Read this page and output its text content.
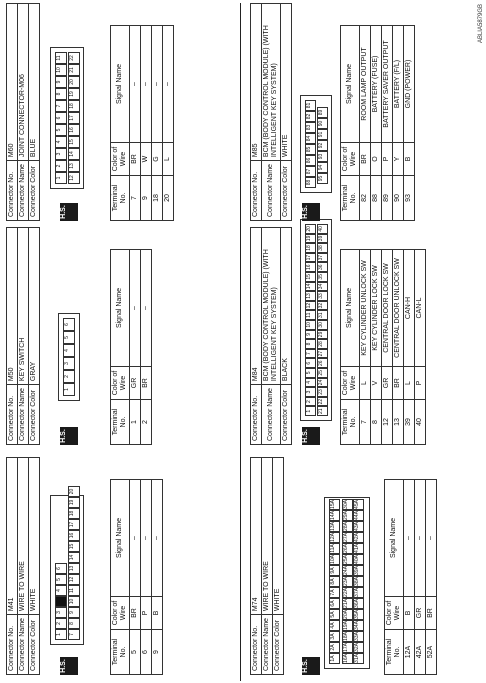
Connector No.	M41
Connector Name	WIRE TO WIRE
Connector Color	WHITE
H.S.
1
2
3
4
5
6
7
8
9
10
11
12
13
14
15
16
17
18
19
20
Terminal No.	Color of Wire	Signal Name
5	BR	–
6	P	–
9	B	–
Connector No.	M50
Connector Name	KEY SWITCH
Connector Color	GRAY
H.S.
1
2
3
4
5
6
Terminal No.	Color of Wire	Signal Name
1	GR	–
2	BR	–
Connector No.	M60
Connector Name	JOINT CONNECTOR-M06
Connector Color	BLUE
H.S.
1
2
3
4
5
6
7
8
9
10
11
12
13
14
15
16
17
18
19
20
21
22
Terminal No.	Color of Wire	Signal Name
7	BR	–
9	W	–
18	G	–
20	L	–
Connector No.	M74
Connector Name	WIRE TO WIRE
Connector Color	WHITE
H.S.
1A
2A
3A
4A
5A
6A
7A
8A
9A
10A
11A
12A
13A
14A
15A
16A
17A
18A
19A
20A
21A
22A
23A
24A
25A
26A
27A
28A
29A
30A
31A
32A
33A
34A
35A
36A
37A
38A
39A
40A
41A
42A
43A
44A
45A
Terminal No.	Color of Wire	Signal Name
12A	B	–
42A	GR	–
52A	BR	–
Connector No.	M84
Connector Name	BCM (BODY CONTROL MODULE) (WITH INTELLIGENT KEY SYSTEM)
Connector Color	BLACK
H.S.
1
2
3
4
5
6
7
8
9
10
11
12
13
14
15
16
17
18
19
20
21
22
23
24
25
26
27
28
29
30
31
32
33
34
35
36
37
38
39
40
Terminal No.	Color of Wire	Signal Name
7	L	KEY CYLINDER UNLOCK SW
8	V	KEY CYLINDER LOCK SW
12	GR	CENTRAL DOOR LOCK SW
13	BR	CENTRAL DOOR UNLOCK SW
39	L	CAN-H
40	P	CAN-L
Connector No.	M85
Connector Name	BCM (BODY CONTROL MODULE) (WITH INTELLIGENT KEY SYSTEM)
Connector Color	WHITE
H.S.
88
87
86
85
84
83
82
81
95
94
93
92
91
90
89
Terminal No.	Color of Wire	Signal Name
82	BR	ROOM LAMP OUTPUT
88	O	BATTERY (FUSE)
89	P	BATTERY SAVER OUTPUT
90	Y	BATTERY (F/L)
93	B	GND (POWER)
ABLIA5879GB
